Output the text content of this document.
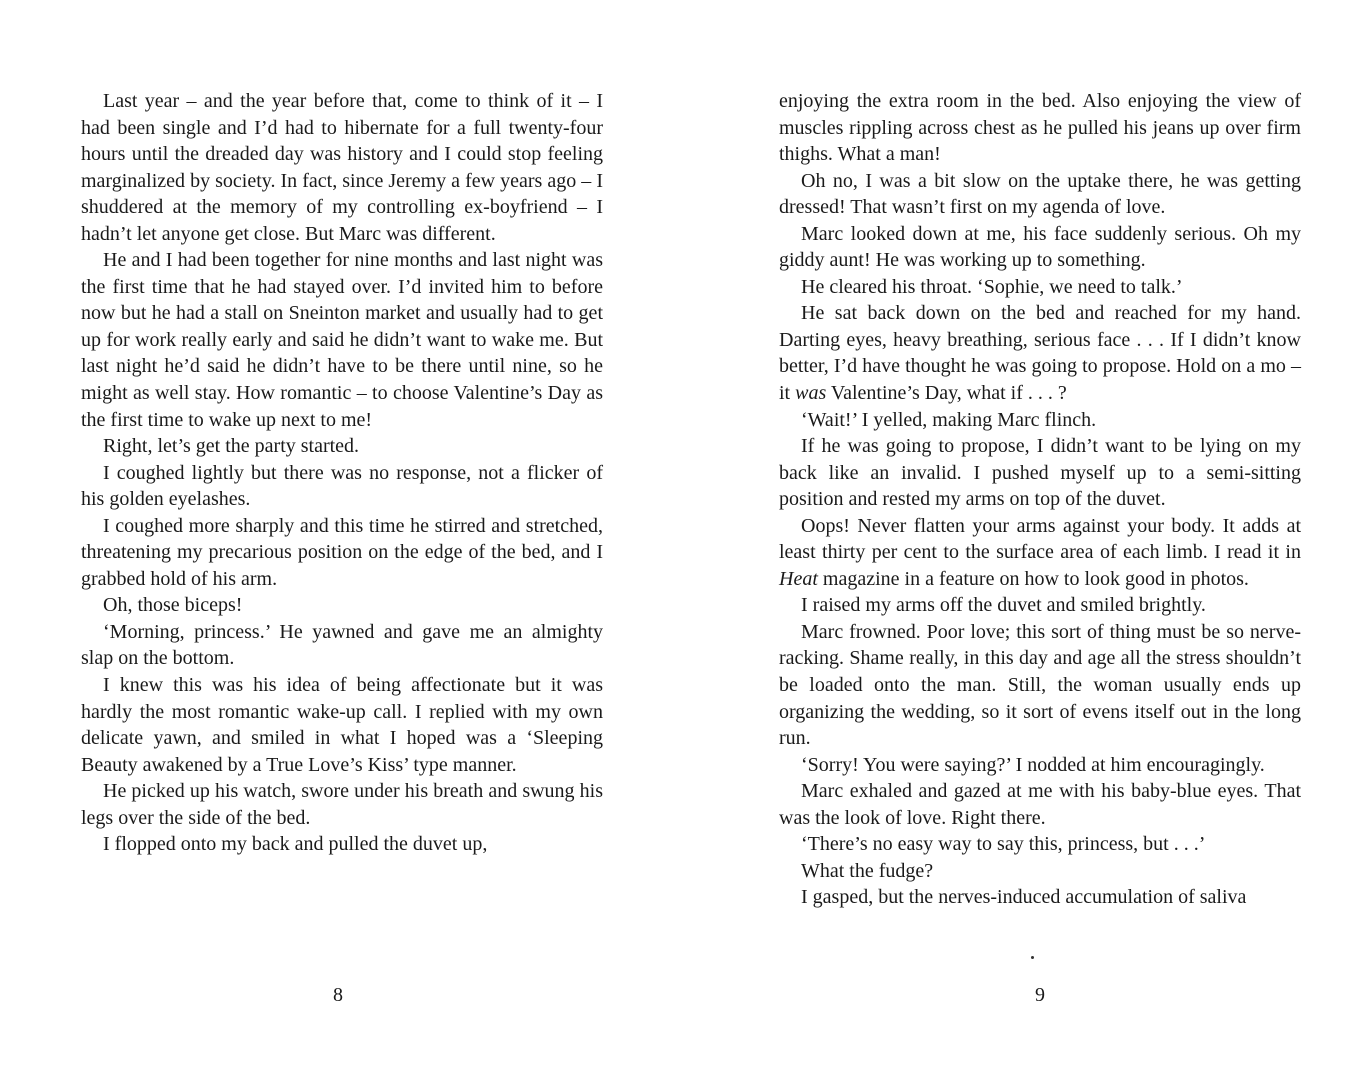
Last year – and the year before that, come to think of it – I had been single and I’d had to hibernate for a full twenty-four hours until the dreaded day was history and I could stop feeling marginalized by society. In fact, since Jeremy a few years ago – I shuddered at the memory of my controlling ex-boyfriend – I hadn’t let anyone get close. But Marc was different.

He and I had been together for nine months and last night was the first time that he had stayed over. I’d invited him to before now but he had a stall on Sneinton market and usually had to get up for work really early and said he didn’t want to wake me. But last night he’d said he didn’t have to be there until nine, so he might as well stay. How romantic – to choose Valentine’s Day as the first time to wake up next to me!

Right, let’s get the party started.

I coughed lightly but there was no response, not a flicker of his golden eyelashes.

I coughed more sharply and this time he stirred and stretched, threatening my precarious position on the edge of the bed, and I grabbed hold of his arm.

Oh, those biceps!

‘Morning, princess.’ He yawned and gave me an almighty slap on the bottom.

I knew this was his idea of being affectionate but it was hardly the most romantic wake-up call. I replied with my own delicate yawn, and smiled in what I hoped was a ‘Sleeping Beauty awakened by a True Love’s Kiss’ type manner.

He picked up his watch, swore under his breath and swung his legs over the side of the bed.

I flopped onto my back and pulled the duvet up,

enjoying the extra room in the bed. Also enjoying the view of muscles rippling across chest as he pulled his jeans up over firm thighs. What a man!

Oh no, I was a bit slow on the uptake there, he was getting dressed! That wasn’t first on my agenda of love.

Marc looked down at me, his face suddenly serious. Oh my giddy aunt! He was working up to something.

He cleared his throat. ‘Sophie, we need to talk.’

He sat back down on the bed and reached for my hand. Darting eyes, heavy breathing, serious face . . . If I didn’t know better, I’d have thought he was going to propose. Hold on a mo – it was Valentine’s Day, what if . . . ?

‘Wait!’ I yelled, making Marc flinch.

If he was going to propose, I didn’t want to be lying on my back like an invalid. I pushed myself up to a semi-sitting position and rested my arms on top of the duvet.

Oops! Never flatten your arms against your body. It adds at least thirty per cent to the surface area of each limb. I read it in Heat magazine in a feature on how to look good in photos.

I raised my arms off the duvet and smiled brightly.

Marc frowned. Poor love; this sort of thing must be so nerve-racking. Shame really, in this day and age all the stress shouldn’t be loaded onto the man. Still, the woman usually ends up organizing the wedding, so it sort of evens itself out in the long run.

‘Sorry! You were saying?’ I nodded at him encouragingly.

Marc exhaled and gazed at me with his baby-blue eyes. That was the look of love. Right there.

‘There’s no easy way to say this, princess, but . . .’

What the fudge?

I gasped, but the nerves-induced accumulation of saliva

8	9
